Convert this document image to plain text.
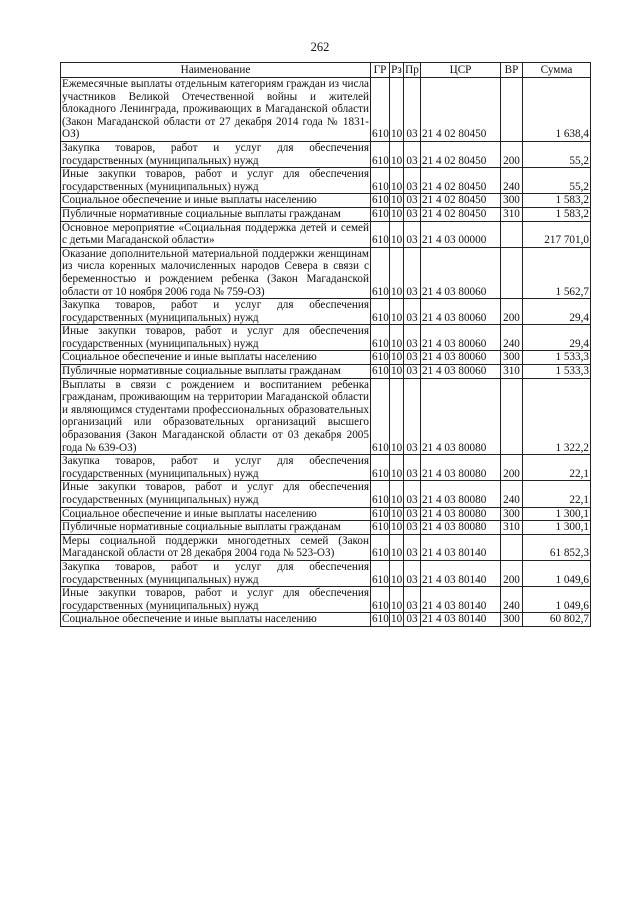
262
Наименование	ГР	Рз	Пр	ЦСР	ВР	Сумма
Ежемесячные выплаты отдельным категориям граждан из числа участников Великой Отечественной войны и жителей блокадного Ленинграда, проживающих в Магаданской области (Закон Магаданской области от 27 декабря 2014 года № 1831-ОЗ)	610	10	03	21 4 02 80450		1 638,4
Закупка товаров, работ и услуг для обеспечения государственных (муниципальных) нужд	610	10	03	21 4 02 80450	200	55,2
Иные закупки товаров, работ и услуг для обеспечения государственных (муниципальных) нужд	610	10	03	21 4 02 80450	240	55,2
Социальное обеспечение и иные выплаты населению	610	10	03	21 4 02 80450	300	1 583,2
Публичные нормативные социальные выплаты гражданам	610	10	03	21 4 02 80450	310	1 583,2
Основное мероприятие «Социальная поддержка детей и семей с детьми Магаданской области»	610	10	03	21 4 03 00000		217 701,0
Оказание дополнительной материальной поддержки женщинам из числа коренных малочисленных народов Севера в связи с беременностью и рождением ребенка (Закон Магаданской области от 10 ноября 2006 года № 759-ОЗ)	610	10	03	21 4 03 80060		1 562,7
Закупка товаров, работ и услуг для обеспечения государственных (муниципальных) нужд	610	10	03	21 4 03 80060	200	29,4
Иные закупки товаров, работ и услуг для обеспечения государственных (муниципальных) нужд	610	10	03	21 4 03 80060	240	29,4
Социальное обеспечение и иные выплаты населению	610	10	03	21 4 03 80060	300	1 533,3
Публичные нормативные социальные выплаты гражданам	610	10	03	21 4 03 80060	310	1 533,3
Выплаты в связи с рождением и воспитанием ребенка гражданам, проживающим на территории Магаданской области и являющимся студентами профессиональных образовательных организаций или образовательных организаций высшего образования (Закон Магаданской области от 03 декабря 2005 года № 639-ОЗ)	610	10	03	21 4 03 80080		1 322,2
Закупка товаров, работ и услуг для обеспечения государственных (муниципальных) нужд	610	10	03	21 4 03 80080	200	22,1
Иные закупки товаров, работ и услуг для обеспечения государственных (муниципальных) нужд	610	10	03	21 4 03 80080	240	22,1
Социальное обеспечение и иные выплаты населению	610	10	03	21 4 03 80080	300	1 300,1
Публичные нормативные социальные выплаты гражданам	610	10	03	21 4 03 80080	310	1 300,1
Меры социальной поддержки многодетных семей (Закон Магаданской области от 28 декабря 2004 года № 523-ОЗ)	610	10	03	21 4 03 80140		61 852,3
Закупка товаров, работ и услуг для обеспечения государственных (муниципальных) нужд	610	10	03	21 4 03 80140	200	1 049,6
Иные закупки товаров, работ и услуг для обеспечения государственных (муниципальных) нужд	610	10	03	21 4 03 80140	240	1 049,6
Социальное обеспечение и иные выплаты населению	610	10	03	21 4 03 80140	300	60 802,7
